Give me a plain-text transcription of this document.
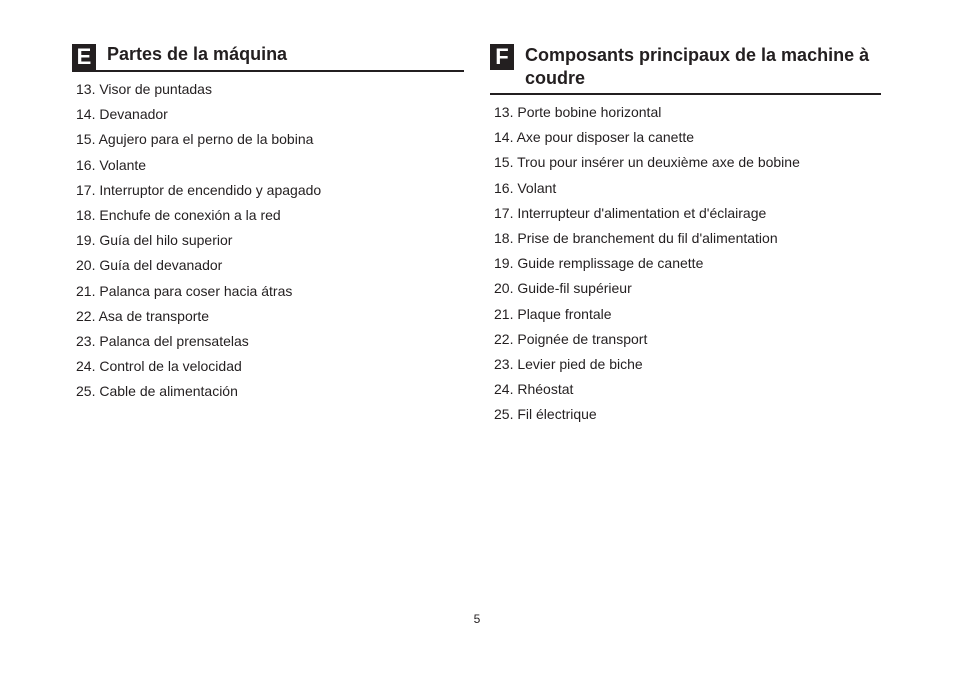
E Partes de la máquina
13. Visor de puntadas
14. Devanador
15. Agujero para el perno de la bobina
16. Volante
17. Interruptor de encendido y apagado
18. Enchufe de conexión a la red
19. Guía del hilo superior
20. Guía del devanador
21. Palanca para coser hacia átras
22. Asa de transporte
23. Palanca del prensatelas
24. Control de la velocidad
25. Cable de alimentación
F Composants principaux de la machine à coudre
13. Porte bobine horizontal
14. Axe pour disposer la canette
15. Trou pour insérer un deuxième axe de bobine
16. Volant
17. Interrupteur d'alimentation et d'éclairage
18. Prise de branchement du fil d'alimentation
19. Guide remplissage de canette
20. Guide-fil supérieur
21. Plaque frontale
22. Poignée de transport
23. Levier pied de biche
24. Rhéostat
25. Fil électrique
5
